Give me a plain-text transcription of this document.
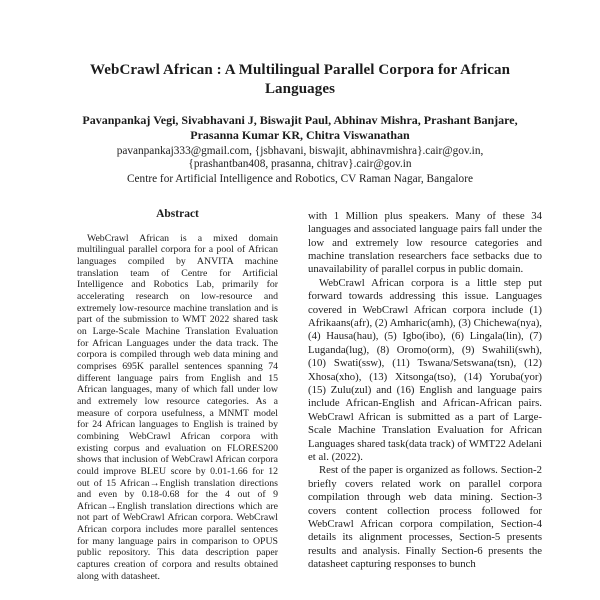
WebCrawl African : A Multilingual Parallel Corpora for African Languages
Pavanpankaj Vegi, Sivabhavani J, Biswajit Paul, Abhinav Mishra, Prashant Banjare,
Prasanna Kumar KR, Chitra Viswanathan
pavanpankaj333@gmail.com, {jsbhavani, biswajit, abhinavmishra}.cair@gov.in,
{prashantban408, prasanna, chitrav}.cair@gov.in
Centre for Artificial Intelligence and Robotics, CV Raman Nagar, Bangalore
Abstract

WebCrawl African is a mixed domain multilingual parallel corpora for a pool of African languages compiled by ANVITA machine translation team of Centre for Artificial Intelligence and Robotics Lab, primarily for accelerating research on low-resource and extremely low-resource machine translation and is part of the submission to WMT 2022 shared task on Large-Scale Machine Translation Evaluation for African Languages under the data track. The corpora is compiled through web data mining and comprises 695K parallel sentences spanning 74 different language pairs from English and 15 African languages, many of which fall under low and extremely low resource categories. As a measure of corpora usefulness, a MNMT model for 24 African languages to English is trained by combining WebCrawl African corpora with existing corpus and evaluation on FLORES200 shows that inclusion of WebCrawl African corpora could improve BLEU score by 0.01-1.66 for 12 out of 15 African→English translation directions and even by 0.18-0.68 for the 4 out of 9 African→English translation directions which are not part of WebCrawl African corpora. WebCrawl African corpora includes more parallel sentences for many language pairs in comparison to OPUS public repository. This data description paper captures creation of corpora and results obtained along with datasheet.

with 1 Million plus speakers. Many of these 34 languages and associated language pairs fall under the low and extremely low resource categories and machine translation researchers face setbacks due to unavailability of parallel corpus in public domain.

WebCrawl African corpora is a little step put forward towards addressing this issue. Languages covered in WebCrawl African corpora include (1) Afrikaans(afr), (2) Amharic(amh), (3) Chichewa(nya), (4) Hausa(hau), (5) Igbo(ibo), (6) Lingala(lin), (7) Luganda(lug), (8) Oromo(orm), (9) Swahili(swh), (10) Swati(ssw), (11) Tswana/Setswana(tsn), (12) Xhosa(xho), (13) Xitsonga(tso), (14) Yoruba(yor) (15) Zulu(zul) and (16) English and language pairs include African-English and African-African pairs. WebCrawl African is submitted as a part of Large-Scale Machine Translation Evaluation for African Languages shared task(data track) of WMT22 Adelani et al. (2022).

Rest of the paper is organized as follows. Section-2 briefly covers related work on parallel corpora compilation through web data mining. Section-3 covers content collection process followed for WebCrawl African corpora compilation, Section-4 details its alignment processes, Section-5 presents results and analysis. Finally Section-6 presents the datasheet capturing responses to bunch
